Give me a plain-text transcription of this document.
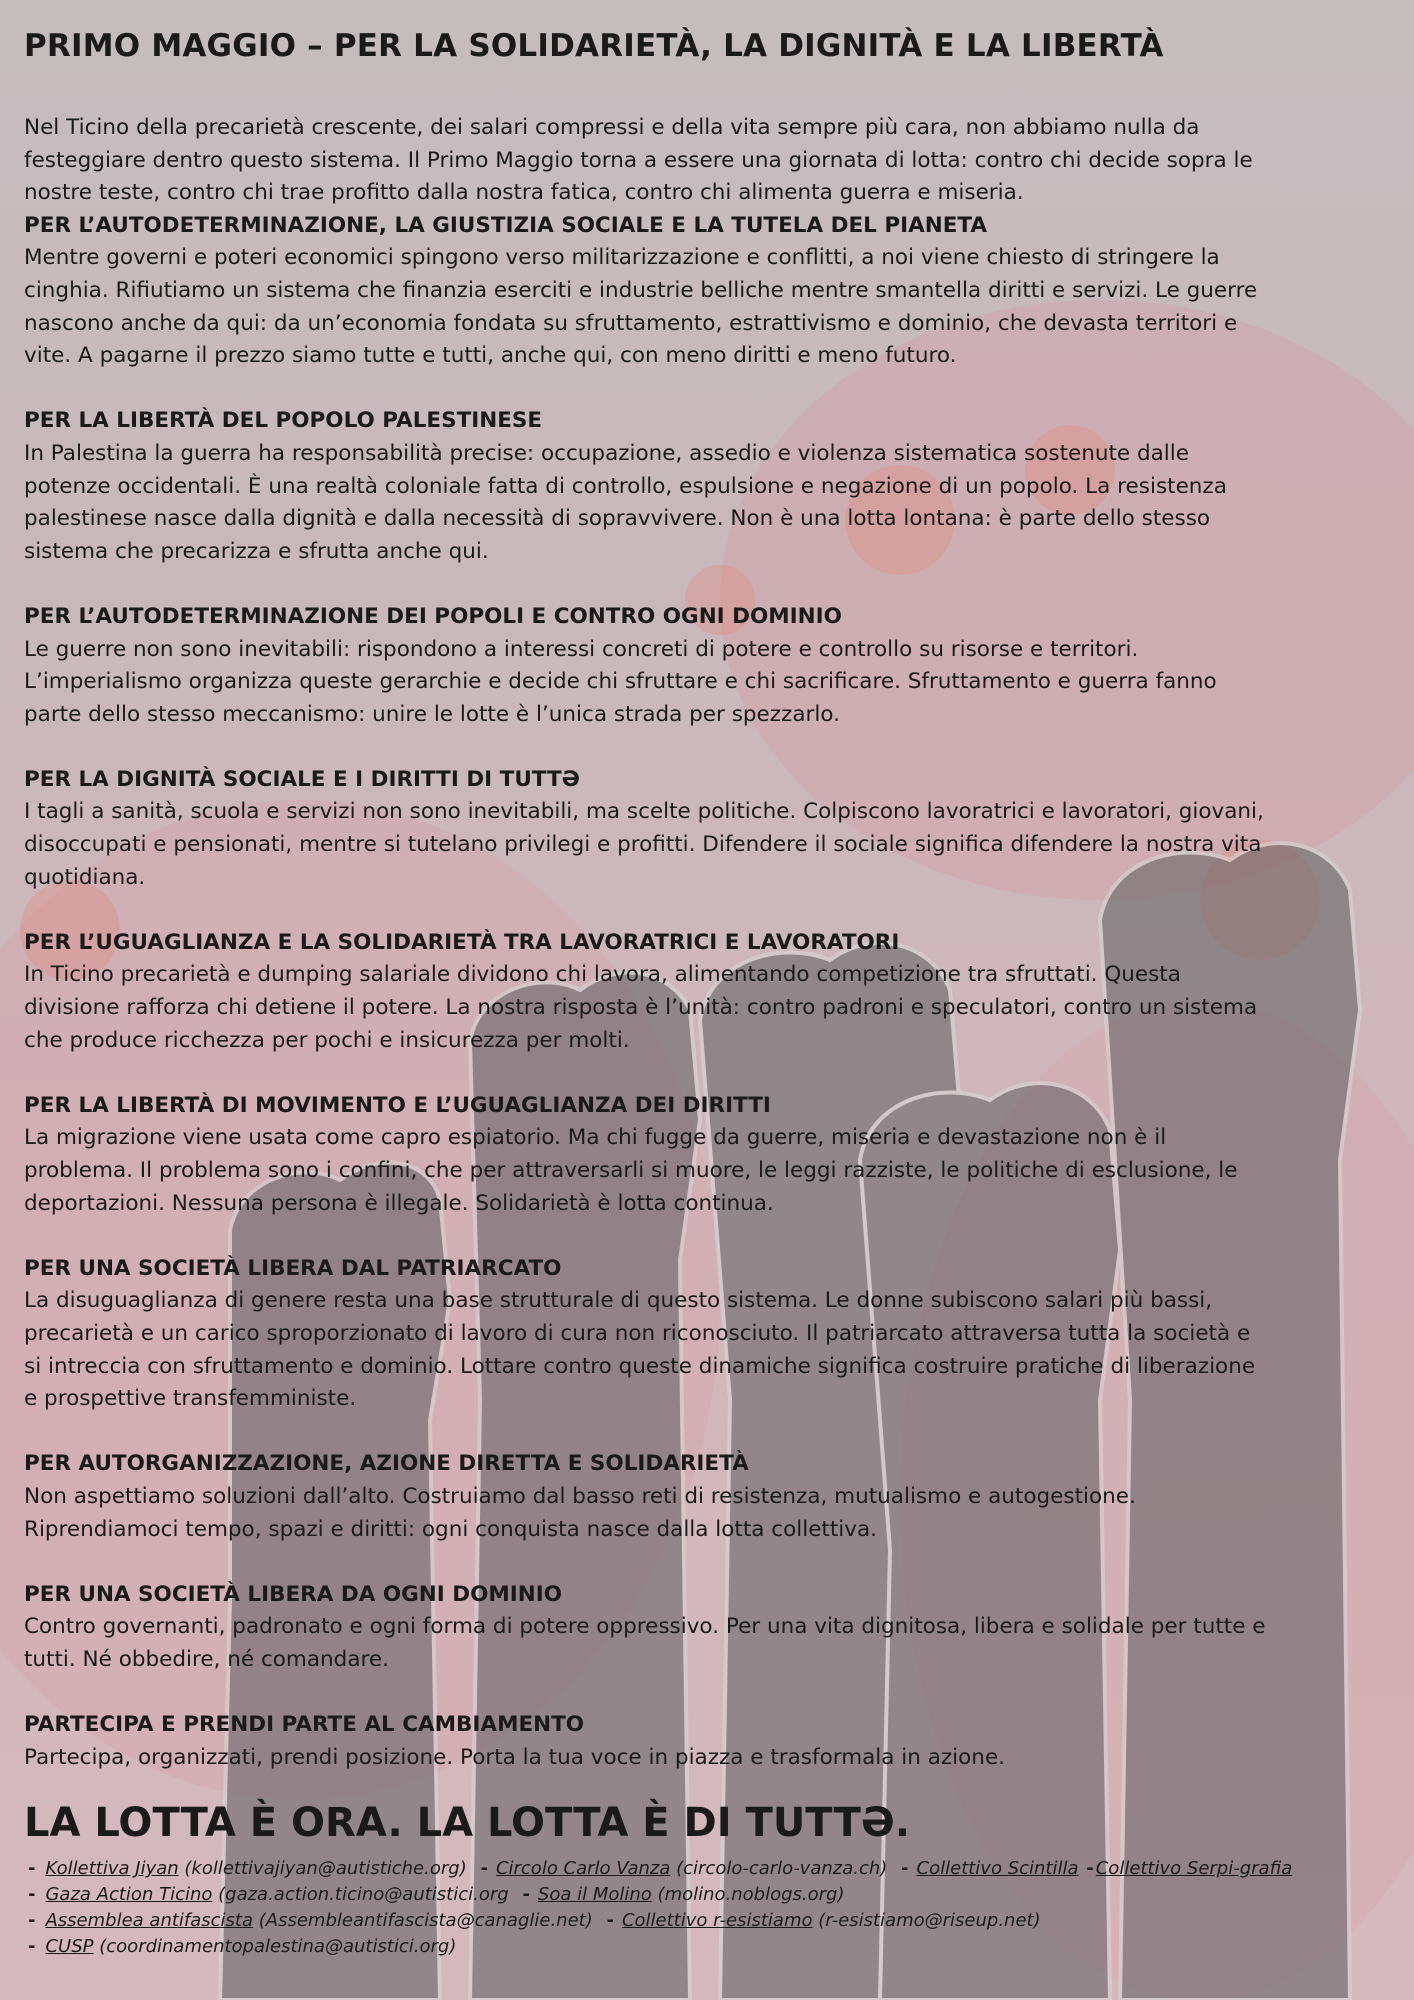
PRIMO MAGGIO – PER LA SOLIDARIETÀ, LA DIGNITÀ E LA LIBERTÀ

Nel Ticino della precarietà crescente, dei salari compressi e della vita sempre più cara, non abbiamo nulla da festeggiare dentro questo sistema. Il Primo Maggio torna a essere una giornata di lotta: contro chi decide sopra le nostre teste, contro chi trae profitto dalla nostra fatica, contro chi alimenta guerra e miseria.

PER L’AUTODETERMINAZIONE, LA GIUSTIZIA SOCIALE E LA TUTELA DEL PIANETA

Mentre governi e poteri economici spingono verso militarizzazione e conflitti, a noi viene chiesto di stringere la cinghia. Rifiutiamo un sistema che finanzia eserciti e industrie belliche mentre smantella diritti e servizi. Le guerre nascono anche da qui: da un’economia fondata su sfruttamento, estrattivismo e dominio, che devasta territori e vite. A pagarne il prezzo siamo tutte e tutti, anche qui, con meno diritti e meno futuro.

PER LA LIBERTÀ DEL POPOLO PALESTINESE

In Palestina la guerra ha responsabilità precise: occupazione, assedio e violenza sistematica sostenute dalle potenze occidentali. È una realtà coloniale fatta di controllo, espulsione e negazione di un popolo. La resistenza palestinese nasce dalla dignità e dalla necessità di sopravvivere. Non è una lotta lontana: è parte dello stesso sistema che precarizza e sfrutta anche qui.

PER L’AUTODETERMINAZIONE DEI POPOLI E CONTRO OGNI DOMINIO

Le guerre non sono inevitabili: rispondono a interessi concreti di potere e controllo su risorse e territori. L’imperialismo organizza queste gerarchie e decide chi sfruttare e chi sacrificare. Sfruttamento e guerra fanno parte dello stesso meccanismo: unire le lotte è l’unica strada per spezzarlo.

PER LA DIGNITÀ SOCIALE E I DIRITTI DI TUTTƏ

I tagli a sanità, scuola e servizi non sono inevitabili, ma scelte politiche. Colpiscono lavoratrici e lavoratori, giovani, disoccupati e pensionati, mentre si tutelano privilegi e profitti. Difendere il sociale significa difendere la nostra vita quotidiana.

PER L’UGUAGLIANZA E LA SOLIDARIETÀ TRA LAVORATRICI E LAVORATORI

In Ticino precarietà e dumping salariale dividono chi lavora, alimentando competizione tra sfruttati. Questa divisione rafforza chi detiene il potere. La nostra risposta è l’unità: contro padroni e speculatori, contro un sistema che produce ricchezza per pochi e insicurezza per molti.

PER LA LIBERTÀ DI MOVIMENTO E L’UGUAGLIANZA DEI DIRITTI

La migrazione viene usata come capro espiatorio. Ma chi fugge da guerre, miseria e devastazione non è il problema. Il problema sono i confini, che per attraversarli si muore, le leggi razziste, le politiche di esclusione, le deportazioni. Nessuna persona è illegale. Solidarietà è lotta continua.

PER UNA SOCIETÀ LIBERA DAL PATRIARCATO

La disuguaglianza di genere resta una base strutturale di questo sistema. Le donne subiscono salari più bassi, precarietà e un carico sproporzionato di lavoro di cura non riconosciuto. Il patriarcato attraversa tutta la società e si intreccia con sfruttamento e dominio. Lottare contro queste dinamiche significa costruire pratiche di liberazione e prospettive transfemministe.

PER AUTORGANIZZAZIONE, AZIONE DIRETTA E SOLIDARIETÀ

Non aspettiamo soluzioni dall’alto. Costruiamo dal basso reti di resistenza, mutualismo e autogestione. Riprendiamoci tempo, spazi e diritti: ogni conquista nasce dalla lotta collettiva.

PER UNA SOCIETÀ LIBERA DA OGNI DOMINIO

Contro governanti, padronato e ogni forma di potere oppressivo. Per una vita dignitosa, libera e solidale per tutte e tutti. Né obbedire, né comandare.

PARTECIPA E PRENDI PARTE AL CAMBIAMENTO

Partecipa, organizzati, prendi posizione. Porta la tua voce in piazza e trasformala in azione.

LA LOTTA È ORA. LA LOTTA È DI TUTTƏ.
- Kollettiva Jiyan (kollettivajiyan@autistiche.org) - Circolo Carlo Vanza (circolo-carlo-vanza.ch) - Collettivo Scintilla - Collettivo Serpi-grafia
- Gaza Action Ticino (gaza.action.ticino@autistici.org - Soa il Molino (molino.noblogs.org)
- Assemblea antifascista (Assembleantifascista@canaglie.net) - Collettivo r-esistiamo (r-esistiamo@riseup.net)
- CUSP (coordinamentopalestina@autistici.org)
